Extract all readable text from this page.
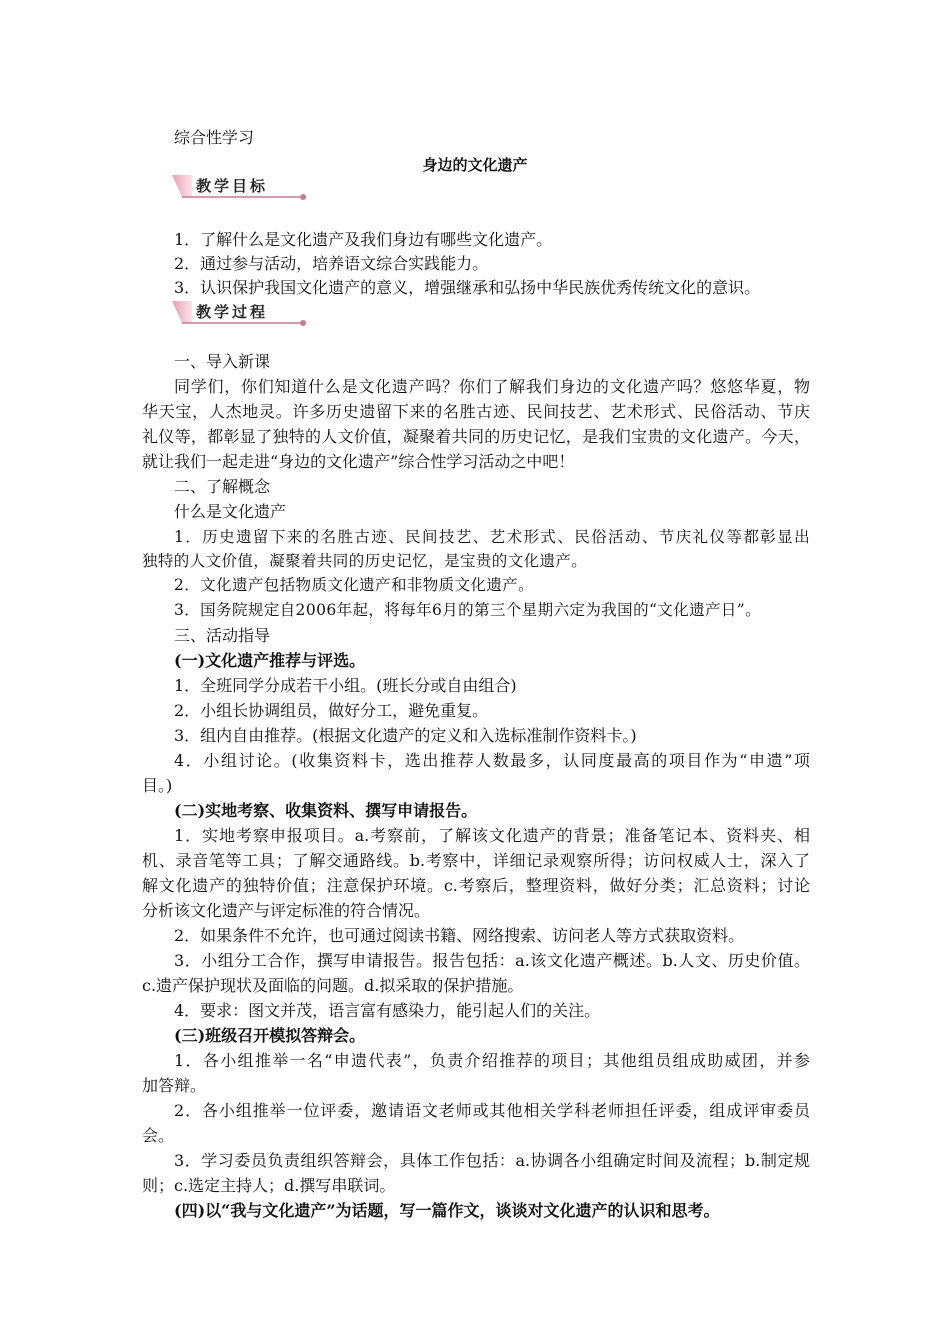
综合性学习
身边的文化遗产
教学目标
1．了解什么是文化遗产及我们身边有哪些文化遗产。
2．通过参与活动，培养语文综合实践能力。
3．认识保护我国文化遗产的意义，增强继承和弘扬中华民族优秀传统文化的意识。
教学过程
一、导入新课
同学们，你们知道什么是文化遗产吗？你们了解我们身边的文化遗产吗？悠悠华夏，物
华天宝，人杰地灵。许多历史遗留下来的名胜古迹、民间技艺、艺术形式、民俗活动、节庆
礼仪等，都彰显了独特的人文价值，凝聚着共同的历史记忆，是我们宝贵的文化遗产。今天，
就让我们一起走进“身边的文化遗产”综合性学习活动之中吧！
二、了解概念
什么是文化遗产
1．历史遗留下来的名胜古迹、民间技艺、艺术形式、民俗活动、节庆礼仪等都彰显出
独特的人文价值，凝聚着共同的历史记忆，是宝贵的文化遗产。
2．文化遗产包括物质文化遗产和非物质文化遗产。
3．国务院规定自2006年起，将每年6月的第三个星期六定为我国的“文化遗产日”。
三、活动指导
(一)文化遗产推荐与评选。
1．全班同学分成若干小组。(班长分或自由组合)
2．小组长协调组员，做好分工，避免重复。
3．组内自由推荐。(根据文化遗产的定义和入选标准制作资料卡。)
4．小组讨论。(收集资料卡，选出推荐人数最多，认同度最高的项目作为“申遗”项
目。)
(二)实地考察、收集资料、撰写申请报告。
1．实地考察申报项目。a.考察前，了解该文化遗产的背景；准备笔记本、资料夹、相
机、录音笔等工具；了解交通路线。b.考察中，详细记录观察所得；访问权威人士，深入了
解文化遗产的独特价值；注意保护环境。c.考察后，整理资料，做好分类；汇总资料；讨论
分析该文化遗产与评定标准的符合情况。
2．如果条件不允许，也可通过阅读书籍、网络搜索、访问老人等方式获取资料。
3．小组分工合作，撰写申请报告。报告包括：a.该文化遗产概述。b.人文、历史价值。
c.遗产保护现状及面临的问题。d.拟采取的保护措施。
4．要求：图文并茂，语言富有感染力，能引起人们的关注。
(三)班级召开模拟答辩会。
1．各小组推举一名“申遗代表”，负责介绍推荐的项目；其他组员组成助威团，并参
加答辩。
2．各小组推举一位评委，邀请语文老师或其他相关学科老师担任评委，组成评审委员
会。
3．学习委员负责组织答辩会，具体工作包括：a.协调各小组确定时间及流程；b.制定规
则；c.选定主持人；d.撰写串联词。
(四)以“我与文化遗产”为话题，写一篇作文，谈谈对文化遗产的认识和思考。
